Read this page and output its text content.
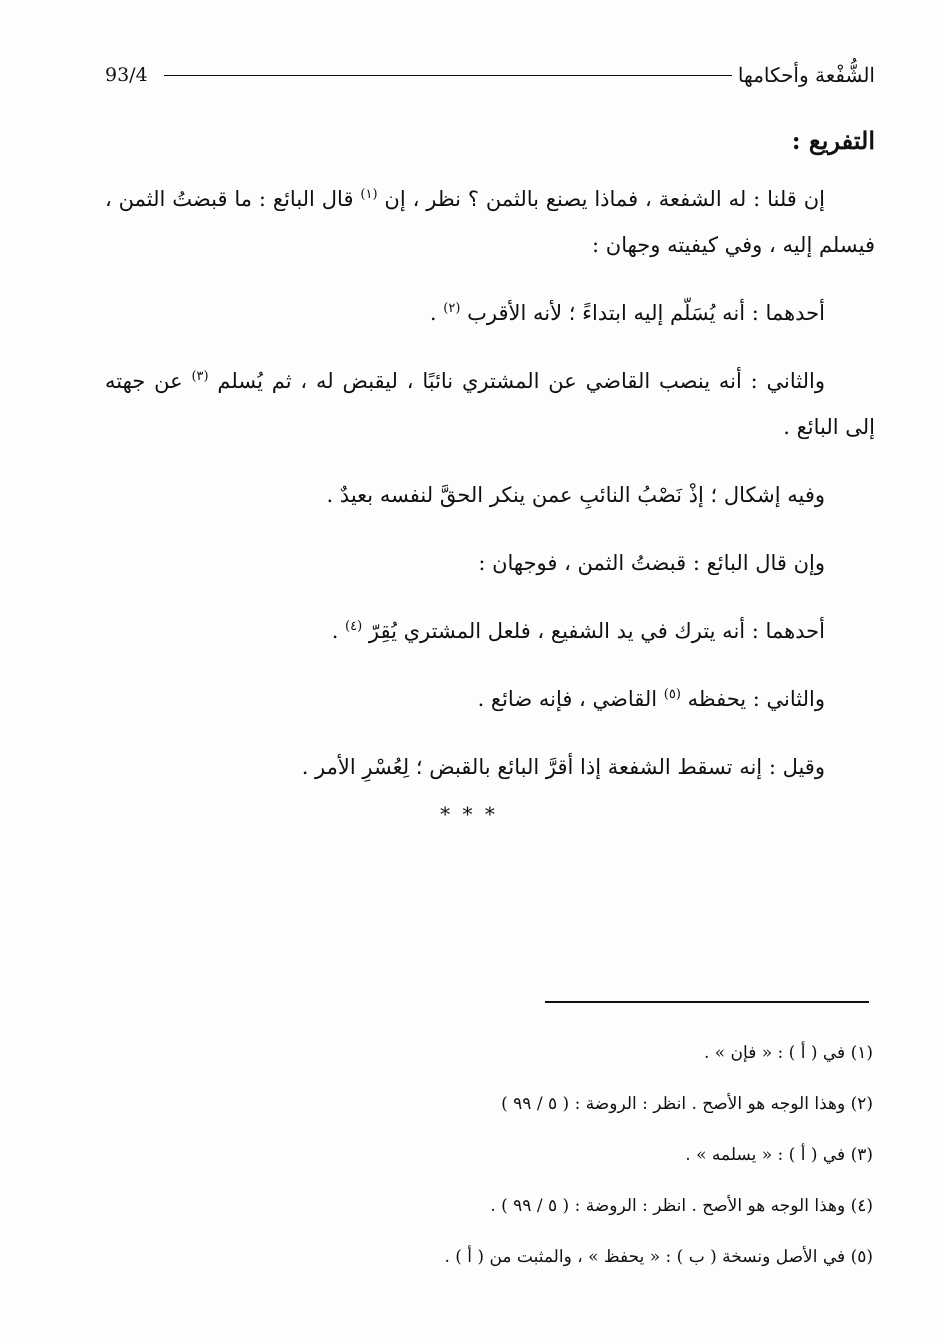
93/4	الشُّفْعة وأحكامها
التفريع :

إن قلنا : له الشفعة ، فماذا يصنع بالثمن ؟ نظر ، إن $^{(١)}$ قال البائع : ما قبضتُ الثمن ، فيسلم إليه ، وفي كيفيته وجهان :

أحدهما : أنه يُسَلّم إليه ابتداءً ؛ لأنه الأقرب $^{(٢)}$ .

والثاني : أنه ينصب القاضي عن المشتري نائبًا ، ليقبض له ، ثم يُسلم $^{(٣)}$ عن جهته إلى البائع .

وفيه إشكال ؛ إذْ نَصْبُ النائبِ عمن ينكر الحقَّ لنفسه بعيدٌ .

وإن قال البائع : قبضتُ الثمن ، فوجهان :

أحدهما : أنه يترك في يد الشفيع ، فلعل المشتري يُقِرّ $^{(٤)}$ .

والثاني : يحفظه $^{(٥)}$ القاضي ، فإنه ضائع .

وقيل : إنه تسقط الشفعة إذا أقرَّ البائع بالقبض ؛ لِعُسْرِ الأمر .

* * *

(١) في ( أ ) : « فإن » .

(٢) وهذا الوجه هو الأصح . انظر : الروضة : ( ٥ / ٩٩ )

(٣) في ( أ ) : « يسلمه » .

(٤) وهذا الوجه هو الأصح . انظر : الروضة : ( ٥ / ٩٩ ) .

(٥) في الأصل ونسخة ( ب ) : « يحفظ » ، والمثبت من ( أ ) .
